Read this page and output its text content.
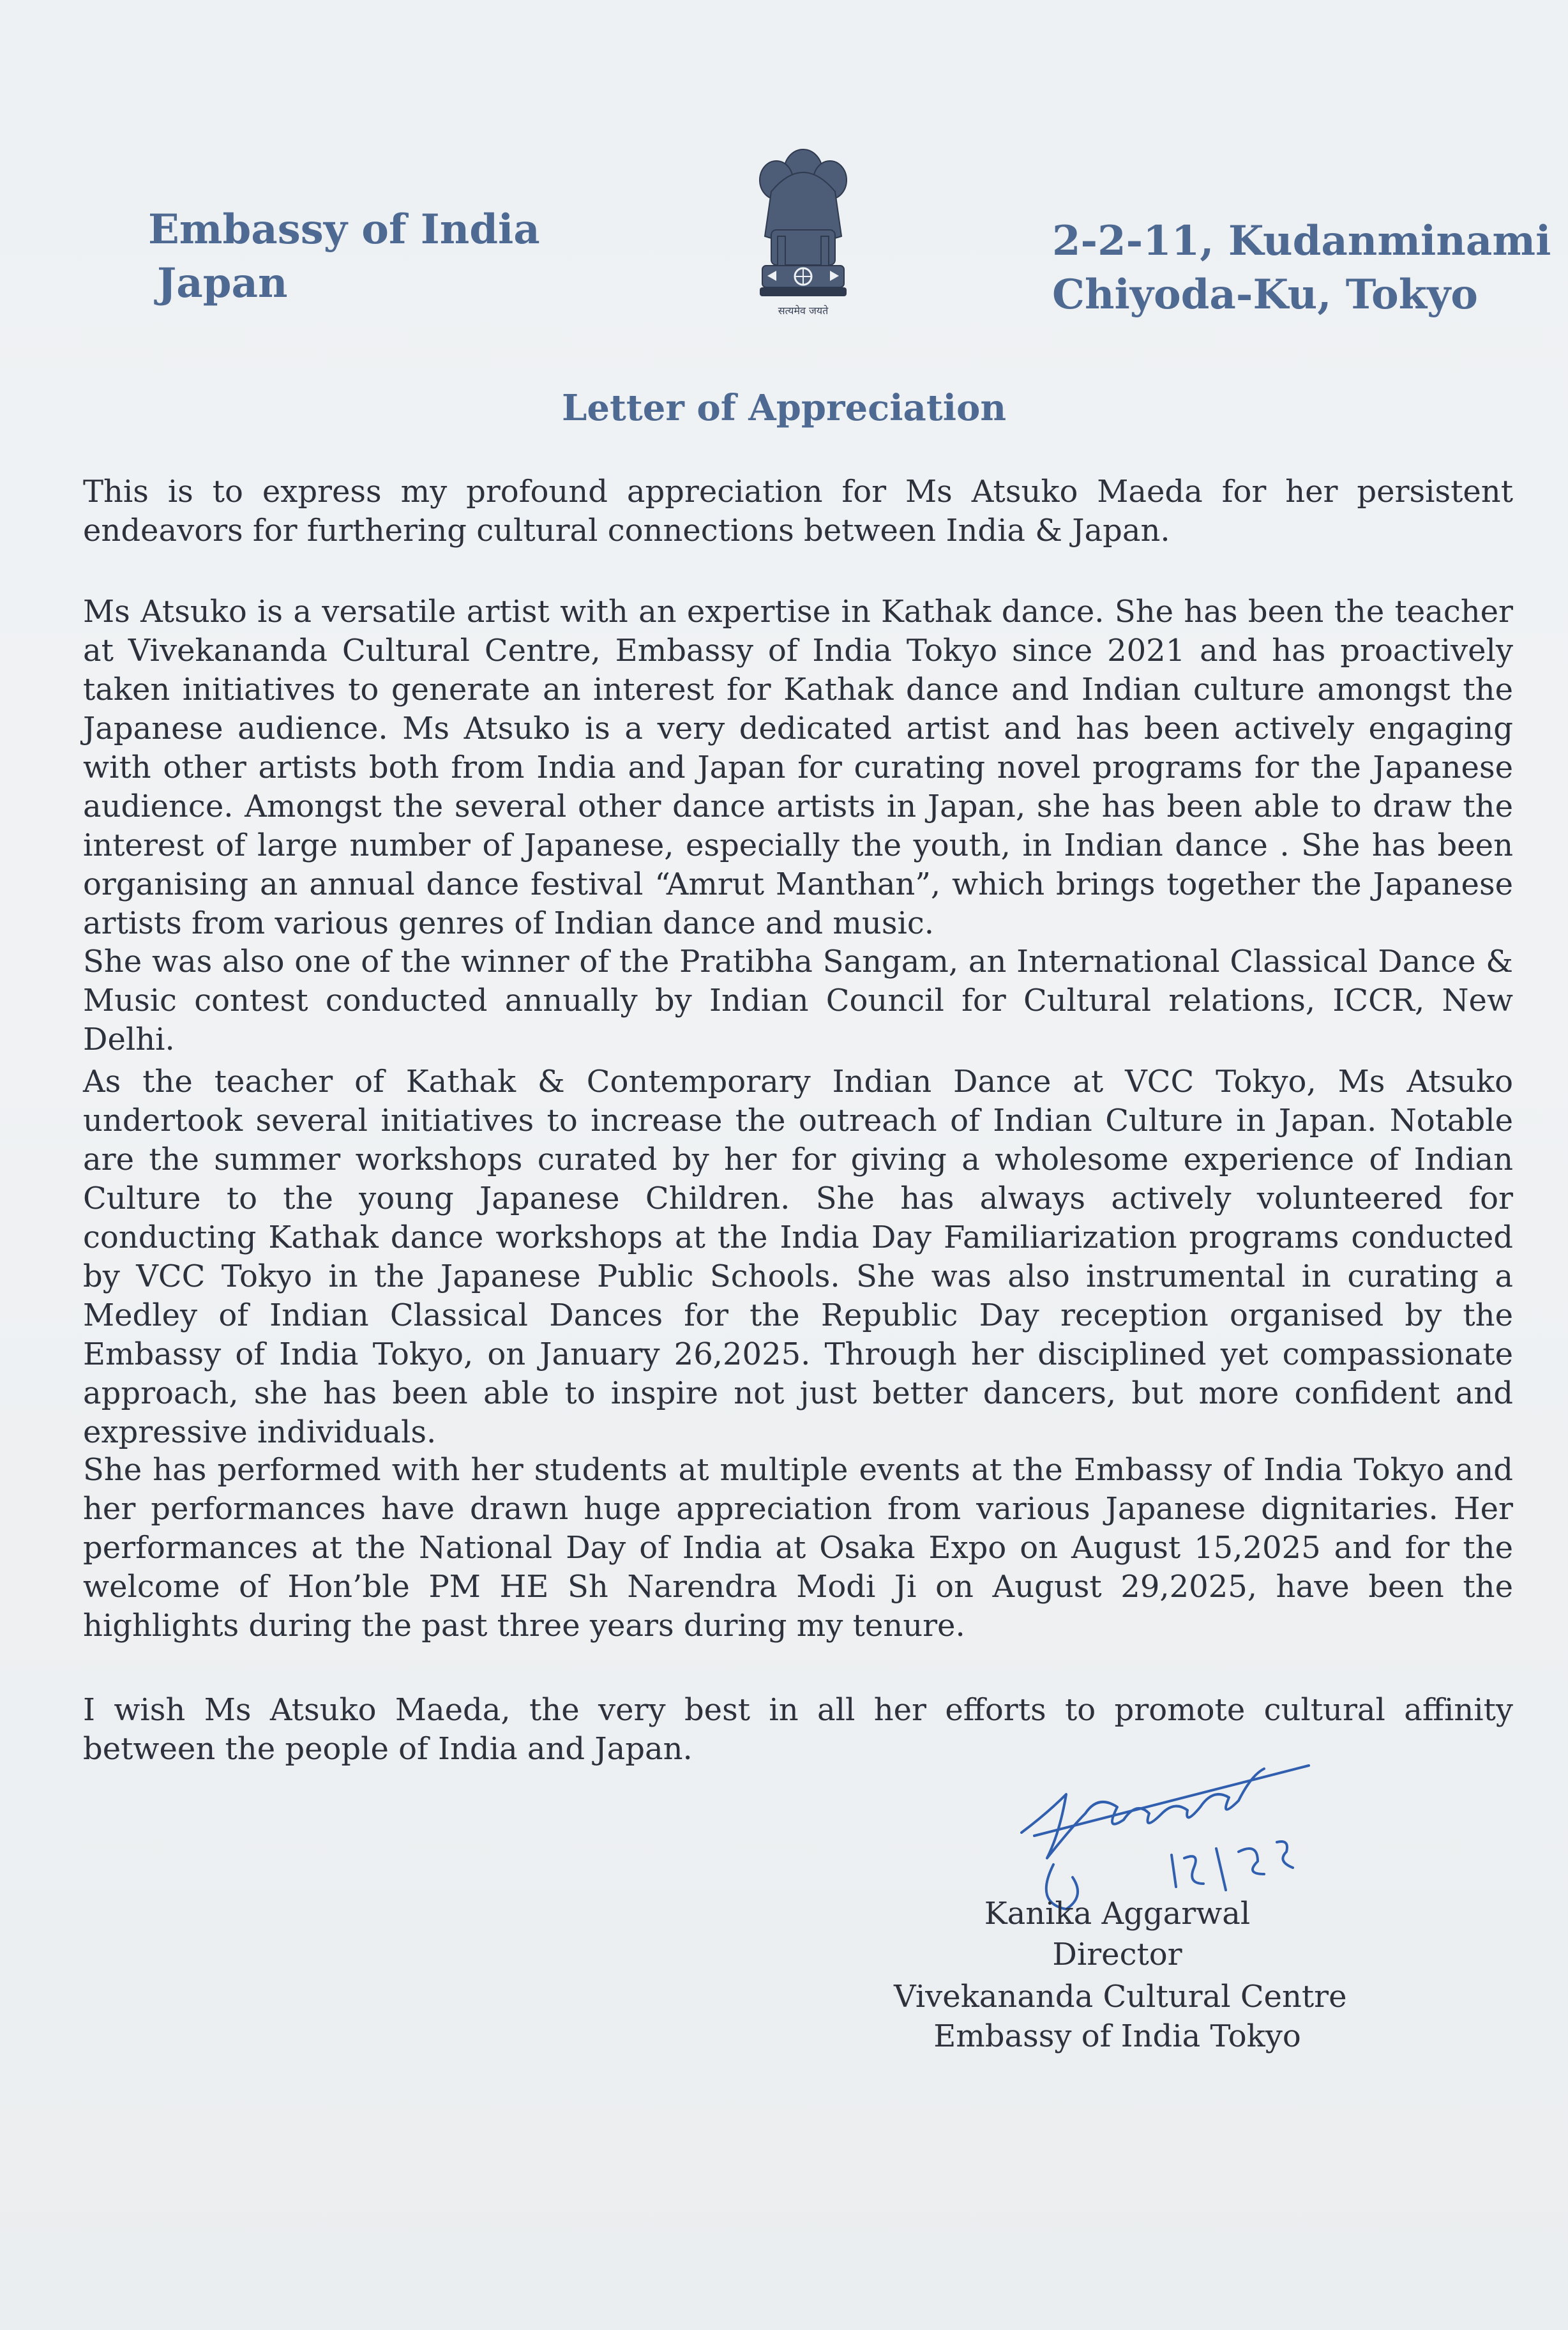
Embassy of India
Japan
सत्यमेव जयते
2-2-11, Kudanminami
Chiyoda-Ku, Tokyo
Letter of Appreciation

This is to express my profound appreciation for Ms Atsuko Maeda for her persistent endeavors for furthering cultural connections between India & Japan.

Ms Atsuko is a versatile artist with an expertise in Kathak dance. She has been the teacher at Vivekananda Cultural Centre, Embassy of India Tokyo since 2021 and has proactively taken initiatives to generate an interest for Kathak dance and Indian culture amongst the Japanese audience. Ms Atsuko is a very dedicated artist and has been actively engaging with other artists both from India and Japan for curating novel programs for the Japanese audience. Amongst the several other dance artists in Japan, she has been able to draw the interest of large number of Japanese, especially the youth, in Indian dance . She has been organising an annual dance festival “Amrut Manthan”, which brings together the Japanese artists from various genres of Indian dance and music.

She was also one of the winner of the Pratibha Sangam, an International Classical Dance & Music contest conducted annually by Indian Council for Cultural relations, ICCR, New Delhi.

As the teacher of Kathak & Contemporary Indian Dance at VCC Tokyo, Ms Atsuko undertook several initiatives to increase the outreach of Indian Culture in Japan. Notable are the summer workshops curated by her for giving a wholesome experience of Indian Culture to the young Japanese Children. She has always actively volunteered for conducting Kathak dance workshops at the India Day Familiarization programs conducted by VCC Tokyo in the Japanese Public Schools. She was also instrumental in curating a Medley of Indian Classical Dances for the Republic Day reception organised by the Embassy of India Tokyo, on January 26,2025. Through her disciplined yet compassionate approach, she has been able to inspire not just better dancers, but more confident and expressive individuals.

She has performed with her students at multiple events at the Embassy of India Tokyo and her performances have drawn huge appreciation from various Japanese dignitaries. Her performances at the National Day of India at Osaka Expo on August 15,2025 and for the welcome of Hon’ble PM HE Sh Narendra Modi Ji on August 29,2025, have been the highlights during the past three years during my tenure.

I wish Ms Atsuko Maeda, the very best in all her efforts to promote cultural affinity between the people of India and Japan.

Kanika Aggarwal
Director
Vivekananda Cultural Centre
Embassy of India Tokyo
